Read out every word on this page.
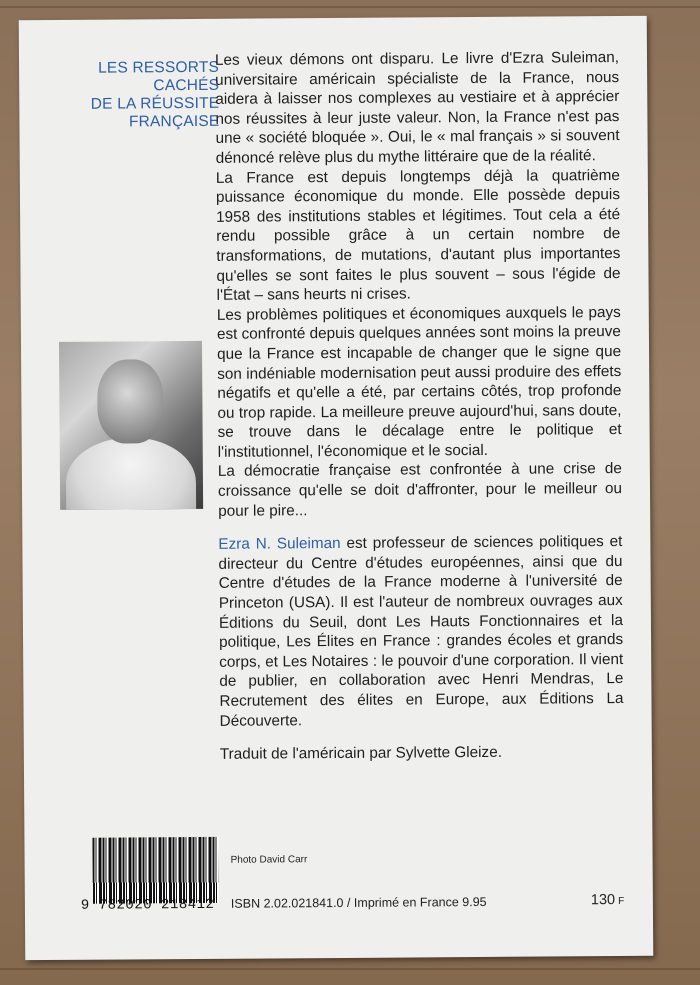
LES RESSORTS
CACHÉS
DE LA RÉUSSITE
FRANÇAISE

Les vieux démons ont disparu. Le livre d'Ezra Suleiman, universitaire américain spécialiste de la France, nous aidera à laisser nos complexes au vestiaire et à apprécier nos réussites à leur juste valeur. Non, la France n'est pas une « société bloquée ». Oui, le « mal français » si souvent dénoncé relève plus du mythe littéraire que de la réalité.

La France est depuis longtemps déjà la quatrième puissance économique du monde. Elle possède depuis 1958 des institutions stables et légitimes. Tout cela a été rendu possible grâce à un certain nombre de transformations, de mutations, d'autant plus importantes qu'elles se sont faites le plus souvent – sous l'égide de l'État – sans heurts ni crises.

Les problèmes politiques et économiques auxquels le pays est confronté depuis quelques années sont moins la preuve que la France est incapable de changer que le signe que son indéniable modernisation peut aussi produire des effets négatifs et qu'elle a été, par certains côtés, trop profonde ou trop rapide. La meilleure preuve aujourd'hui, sans doute, se trouve dans le décalage entre le politique et l'institutionnel, l'économique et le social.

La démocratie française est confrontée à une crise de croissance qu'elle se doit d'affronter, pour le meilleur ou pour le pire...

Ezra N. Suleiman est professeur de sciences politiques et directeur du Centre d'études européennes, ainsi que du Centre d'études de la France moderne à l'université de Princeton (USA). Il est l'auteur de nombreux ouvrages aux Éditions du Seuil, dont Les Hauts Fonctionnaires et la politique, Les Élites en France : grandes écoles et grands corps, et Les Notaires : le pouvoir d'une corporation. Il vient de publier, en collaboration avec Henri Mendras, Le Recrutement des élites en Europe, aux Éditions La Découverte.

Traduit de l'américain par Sylvette Gleize.

Photo David Carr
9 782020 218412 ISBN 2.02.021841.0 / Imprimé en France 9.95	130 F
